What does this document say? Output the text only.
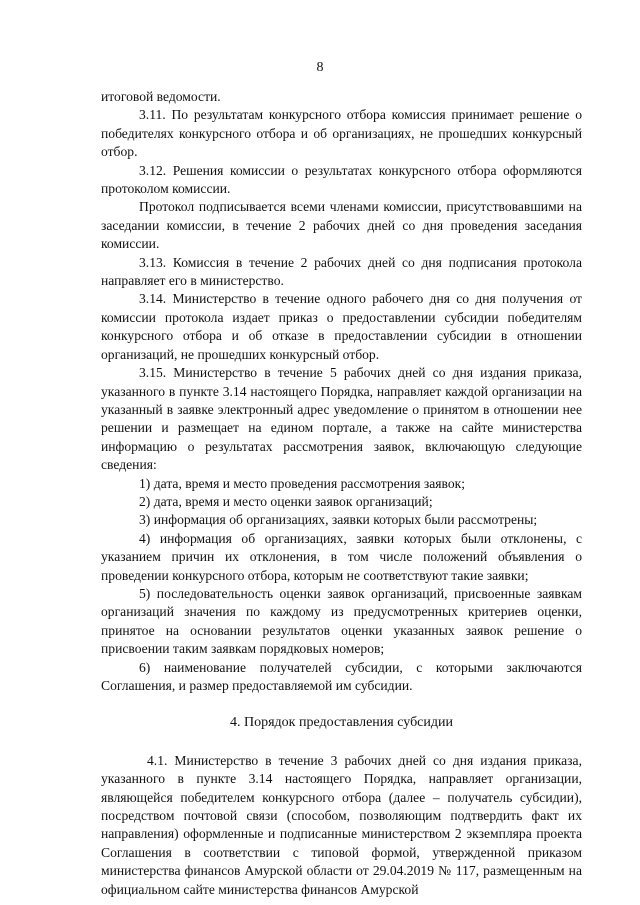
8

итоговой ведомости.

3.11. По результатам конкурсного отбора комиссия принимает решение о победителях конкурсного отбора и об организациях, не прошедших конкурсный отбор.

3.12. Решения комиссии о результатах конкурсного отбора оформляются протоколом комиссии.

Протокол подписывается всеми членами комиссии, присутствовавшими на заседании комиссии, в течение 2 рабочих дней со дня проведения заседания комиссии.

3.13. Комиссия в течение 2 рабочих дней со дня подписания протокола направляет его в министерство.

3.14. Министерство в течение одного рабочего дня со дня получения от комиссии протокола издает приказ о предоставлении субсидии победителям конкурсного отбора и об отказе в предоставлении субсидии в отношении организаций, не прошедших конкурсный отбор.

3.15. Министерство в течение 5 рабочих дней со дня издания приказа, указанного в пункте 3.14 настоящего Порядка, направляет каждой организации на указанный в заявке электронный адрес уведомление о принятом в отношении нее решении и размещает на едином портале, а также на сайте министерства информацию о результатах рассмотрения заявок, включающую следующие сведения:

1) дата, время и место проведения рассмотрения заявок;

2) дата, время и место оценки заявок организаций;

3) информация об организациях, заявки которых были рассмотрены;

4) информация об организациях, заявки которых были отклонены, с указанием причин их отклонения, в том числе положений объявления о проведении конкурсного отбора, которым не соответствуют такие заявки;

5) последовательность оценки заявок организаций, присвоенные заявкам организаций значения по каждому из предусмотренных критериев оценки, принятое на основании результатов оценки указанных заявок решение о присвоении таким заявкам порядковых номеров;

6) наименование получателей субсидии, с которыми заключаются Соглашения, и размер предоставляемой им субсидии.

4. Порядок предоставления субсидии

4.1. Министерство в течение 3 рабочих дней со дня издания приказа, указанного в пункте 3.14 настоящего Порядка, направляет организации, являющейся победителем конкурсного отбора (далее – получатель субсидии), посредством почтовой связи (способом, позволяющим подтвердить факт их направления) оформленные и подписанные министерством 2 экземпляра проекта Соглашения в соответствии с типовой формой, утвержденной приказом министерства финансов Амурской области от 29.04.2019 № 117, размещенным на официальном сайте министерства финансов Амурской
